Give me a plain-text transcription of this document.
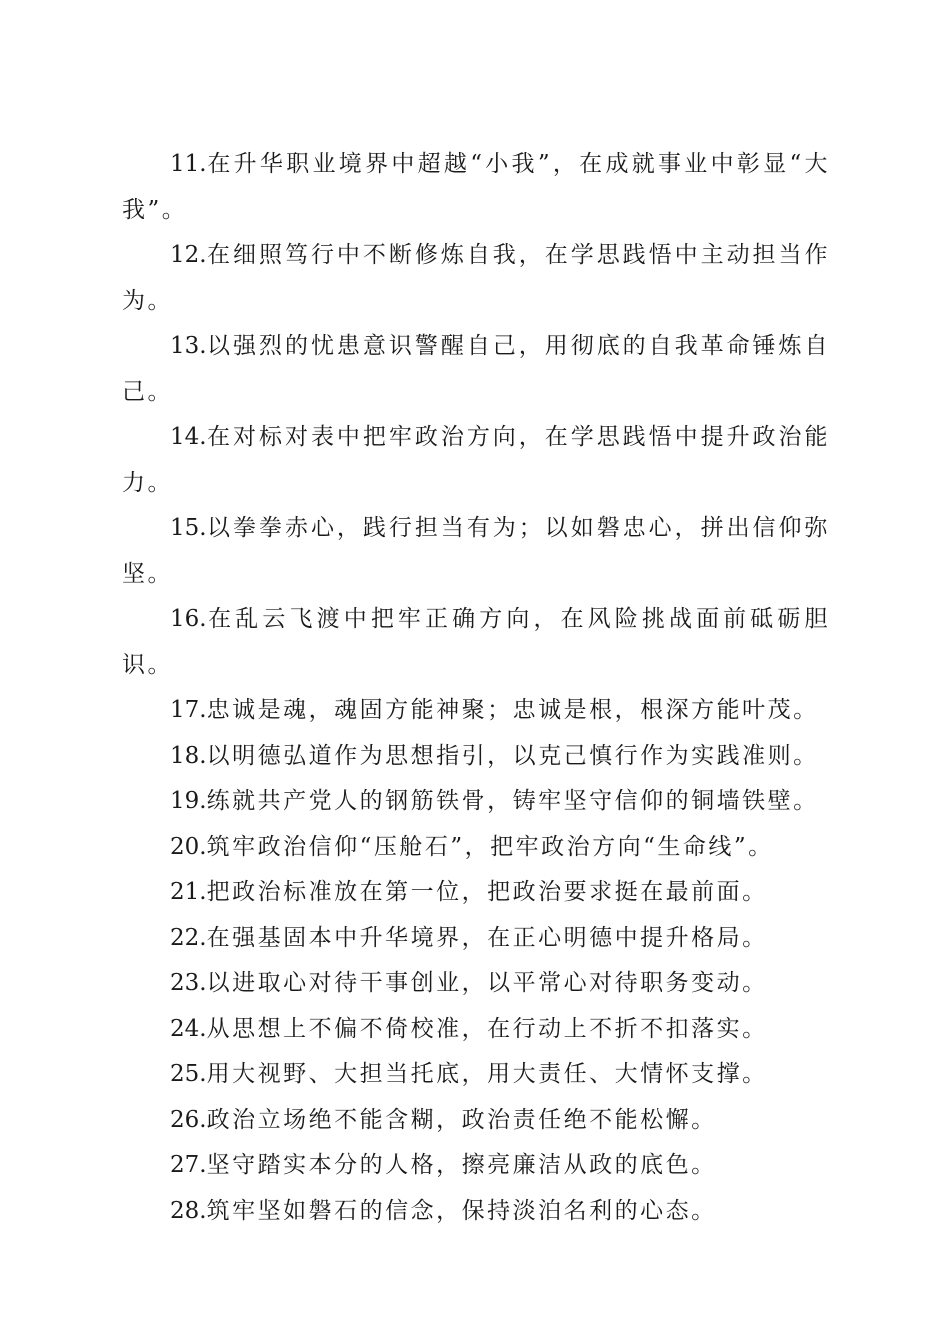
11.在升华职业境界中超越“小我”，在成就事业中彰显“大我”。

12.在细照笃行中不断修炼自我，在学思践悟中主动担当作为。

13.以强烈的忧患意识警醒自己，用彻底的自我革命锤炼自己。

14.在对标对表中把牢政治方向，在学思践悟中提升政治能力。

15.以拳拳赤心，践行担当有为；以如磐忠心，拼出信仰弥坚。

16.在乱云飞渡中把牢正确方向，在风险挑战面前砥砺胆识。

17.忠诚是魂，魂固方能神聚；忠诚是根，根深方能叶茂。

18.以明德弘道作为思想指引，以克己慎行作为实践准则。

19.练就共产党人的钢筋铁骨，铸牢坚守信仰的铜墙铁壁。

20.筑牢政治信仰“压舱石”，把牢政治方向“生命线”。

21.把政治标准放在第一位，把政治要求挺在最前面。

22.在强基固本中升华境界，在正心明德中提升格局。

23.以进取心对待干事创业，以平常心对待职务变动。

24.从思想上不偏不倚校准，在行动上不折不扣落实。

25.用大视野、大担当托底，用大责任、大情怀支撑。

26.政治立场绝不能含糊，政治责任绝不能松懈。

27.坚守踏实本分的人格，擦亮廉洁从政的底色。

28.筑牢坚如磐石的信念，保持淡泊名利的心态。
